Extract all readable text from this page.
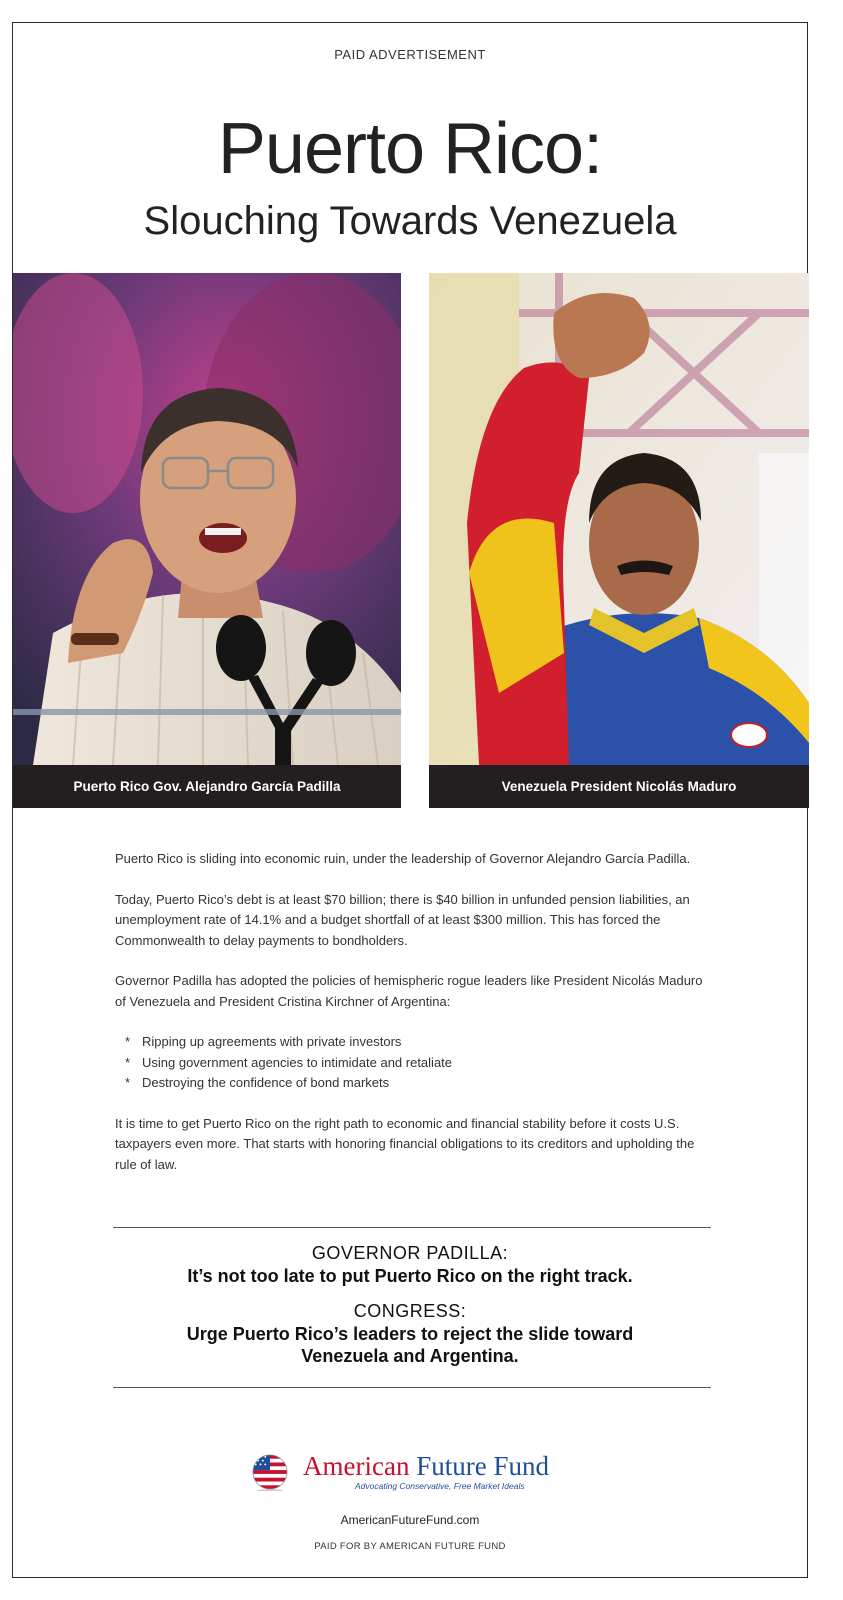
PAID ADVERTISEMENT
Puerto Rico:
Slouching Towards Venezuela
Puerto Rico Gov. Alejandro García Padilla	Venezuela President Nicolás Maduro

Puerto Rico is sliding into economic ruin, under the leadership of Governor Alejandro García Padilla.

Today, Puerto Rico’s debt is at least $70 billion; there is $40 billion in unfunded pension liabilities, an unemployment rate of 14.1% and a budget shortfall of at least $300 million. This has forced the Commonwealth to delay payments to bondholders.

Governor Padilla has adopted the policies of hemispheric rogue leaders like President Nicolás Maduro of Venezuela and President Cristina Kirchner of Argentina:

* Ripping up agreements with private investors
* Using government agencies to intimidate and retaliate
* Destroying the confidence of bond markets

It is time to get Puerto Rico on the right path to economic and financial stability before it costs U.S. taxpayers even more. That starts with honoring financial obligations to its creditors and upholding the rule of law.

GOVERNOR PADILLA:
It’s not too late to put Puerto Rico on the right track.
CONGRESS:
Urge Puerto Rico’s leaders to reject the slide toward
Venezuela and Argentina.
American Future Fund
Advocating Conservative, Free Market Ideals
AmericanFutureFund.com
PAID FOR BY AMERICAN FUTURE FUND
